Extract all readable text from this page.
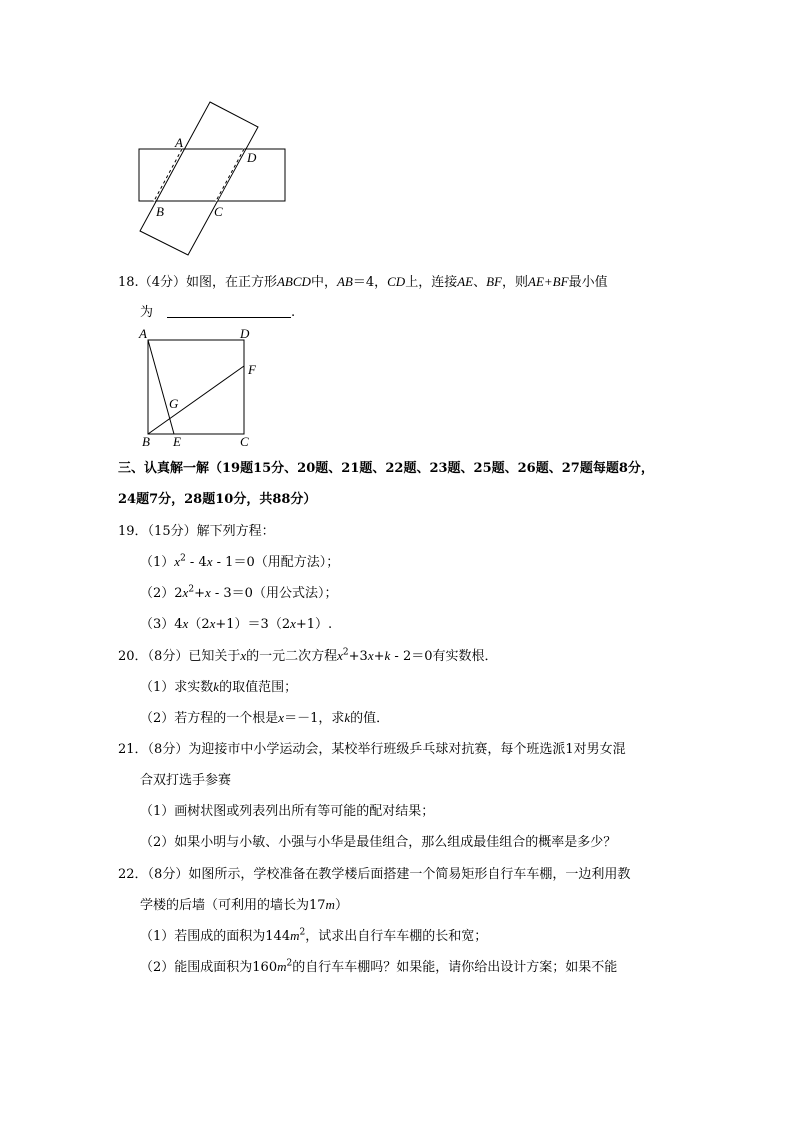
A
D
B	C
18.（4分）如图，在正方形ABCD中，AB＝4，CD上，连接AE、BF，则AE+BF最小值
为	.
A	D
F
G
B E	C
三、认真解一解（19题15分、20题、21题、22题、23题、25题、26题、27题每题8分，
24题7分，28题10分，共88分）
19．（15分）解下列方程：
$(1)x^2 - 4x - 1=0$（用配方法）；
$(2)2x^2+x - 3=0$（用公式法）；
（3）4x（2x+1）＝3（2x+1）.
20．（8分）已知关于x的一元二次方程$x^2+3x+k - 2=0$有实数根．
（1）求实数k的取值范围；
（2）若方程的一个根是x＝－1，求k的值．
21．（8分）为迎接市中小学运动会，某校举行班级乒乓球对抗赛，每个班选派1对男女混
合双打选手参赛
（1）画树状图或列表列出所有等可能的配对结果；
（2）如果小明与小敏、小强与小华是最佳组合，那么组成最佳组合的概率是多少？
22．（8分）如图所示，学校准备在教学楼后面搭建一个简易矩形自行车车棚，一边利用教
学楼的后墙（可利用的墙长为17m）
（1）若围成的面积为$144m^2$，试求出自行车车棚的长和宽；
（2）能围成面积为$160m^2$的自行车车棚吗？如果能，请你给出设计方案；如果不能
